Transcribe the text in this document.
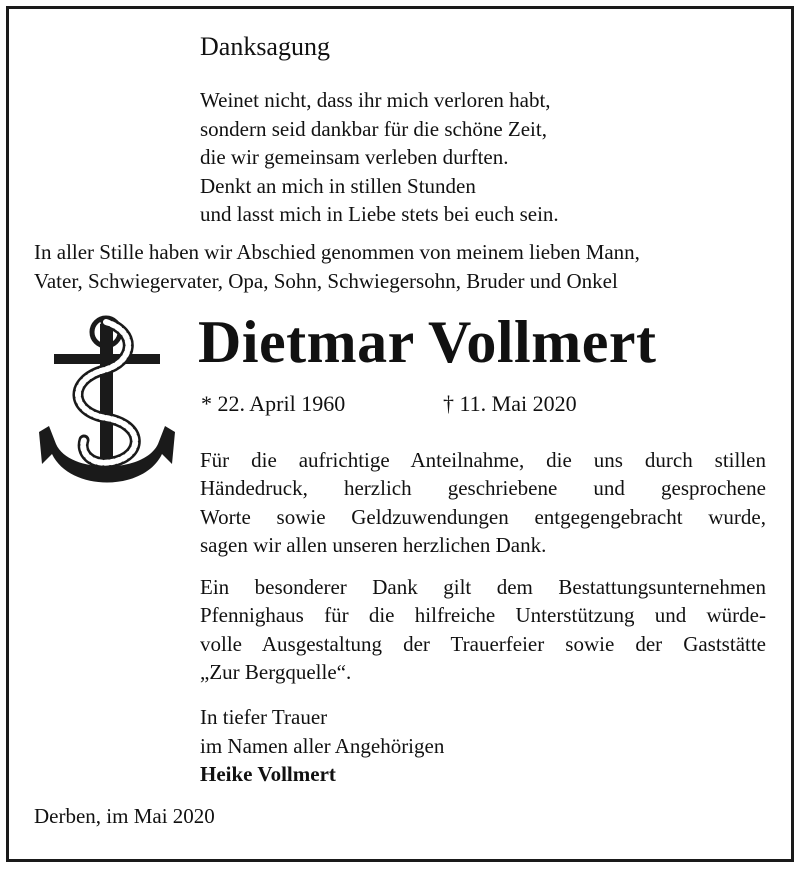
Danksagung
Weinet nicht, dass ihr mich verloren habt,
sondern seid dankbar für die schöne Zeit,
die wir gemeinsam verleben durften.
Denkt an mich in stillen Stunden
und lasst mich in Liebe stets bei euch sein.
In aller Stille haben wir Abschied genommen von meinem lieben Mann,
Vater, Schwiegervater, Opa, Sohn, Schwiegersohn, Bruder und Onkel
Dietmar Vollmert
* 22. April 1960	† 11. Mai 2020
Für die aufrichtige Anteilnahme, die uns durch stillen
Händedruck, herzlich geschriebene und gesprochene
Worte sowie Geldzuwendungen entgegengebracht wurde,
sagen wir allen unseren herzlichen Dank.
Ein besonderer Dank gilt dem Bestattungsunternehmen
Pfennighaus für die hilfreiche Unterstützung und würde-
volle Ausgestaltung der Trauerfeier sowie der Gaststätte
„Zur Bergquelle“.
In tiefer Trauer
im Namen aller Angehörigen
Heike Vollmert
Derben, im Mai 2020
